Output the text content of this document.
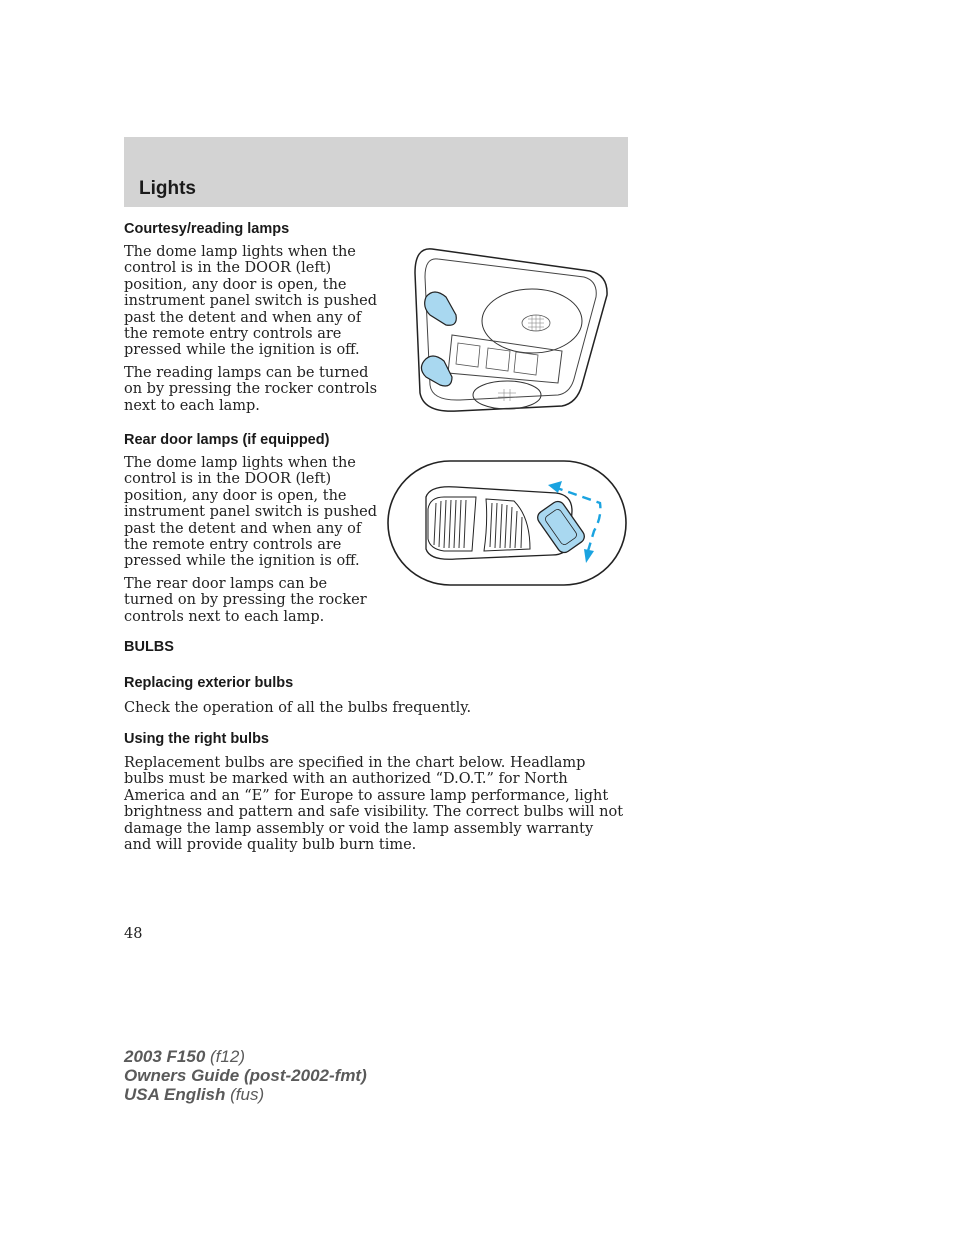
Lights
Courtesy/reading lamps

The dome lamp lights when the control is in the DOOR (left) position, any door is open, the instrument panel switch is pushed past the detent and when any of the remote entry controls are pressed while the ignition is off.

The reading lamps can be turned on by pressing the rocker controls next to each lamp.

Rear door lamps (if equipped)

The dome lamp lights when the control is in the DOOR (left) position, any door is open, the instrument panel switch is pushed past the detent and when any of the remote entry controls are pressed while the ignition is off.

The rear door lamps can be turned on by pressing the rocker controls next to each lamp.

BULBS
Replacing exterior bulbs

Check the operation of all the bulbs frequently.

Using the right bulbs

Replacement bulbs are specified in the chart below. Headlamp bulbs must be marked with an authorized “D.O.T.” for North America and an “E” for Europe to assure lamp performance, light brightness and pattern and safe visibility. The correct bulbs will not damage the lamp assembly or void the lamp assembly warranty and will provide quality bulb burn time.

48
2003 F150 (f12)
Owners Guide (post-2002-fmt)
USA English (fus)
